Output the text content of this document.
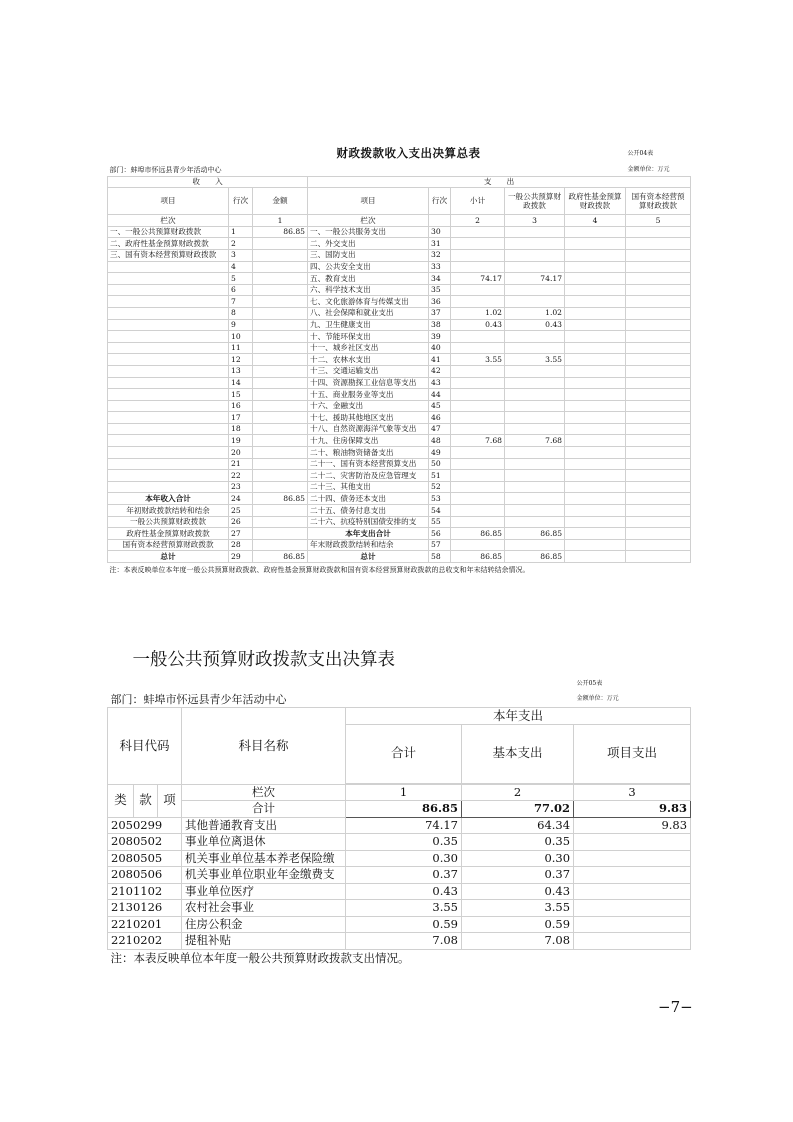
		财政拨款收入支出决算总表						公开04表
部门：蚌埠市怀远县青少年活动中心								金额单位：万元
收　　入			支　　出					
项目	行次	金额	项目	行次	小计	一般公共预算财政拨款	政府性基金预算财政拨款	国有资本经营预算财政拨款
栏次		1	栏次		2	3	4	5
一、一般公共预算财政拨款	1	86.85	一、一般公共服务支出	30				
二、政府性基金预算财政拨款	2		二、外交支出	31				
三、国有资本经营预算财政拨款	3		三、国防支出	32				
	4		四、公共安全支出	33				
	5		五、教育支出	34	74.17	74.17		
	6		六、科学技术支出	35				
	7		七、文化旅游体育与传媒支出	36				
	8		八、社会保障和就业支出	37	1.02	1.02		
	9		九、卫生健康支出	38	0.43	0.43		
	10		十、节能环保支出	39				
	11		十一、城乡社区支出	40				
	12		十二、农林水支出	41	3.55	3.55		
	13		十三、交通运输支出	42				
	14		十四、资源勘探工业信息等支出	43				
	15		十五、商业服务业等支出	44				
	16		十六、金融支出	45				
	17		十七、援助其他地区支出	46				
	18		十八、自然资源海洋气象等支出	47				
	19		十九、住房保障支出	48	7.68	7.68		
	20		二十、粮油物资储备支出	49				
	21		二十一、国有资本经营预算支出	50				
	22		二十二、灾害防治及应急管理支	51				
	23		二十三、其他支出	52				
本年收入合计	24	86.85	二十四、债务还本支出	53				
年初财政拨款结转和结余	25		二十五、债务付息支出	54				
一般公共预算财政拨款	26		二十六、抗疫特别国债安排的支	55				
政府性基金预算财政拨款	27		本年支出合计	56	86.85	86.85		
国有资本经营预算财政拨款	28		年末财政拨款结转和结余	57				
总计	29	86.85	总计	58	86.85	86.85		
注：本表反映单位本年度一般公共预算财政拨款、政府性基金预算财政拨款和国有资本经营预算财政拨款的总收支和年末结转结余情况。								
一般公共预算财政拨款支出决算表						
						公开05表
部门：蚌埠市怀远县青少年活动中心						金额单位：万元
科目代码			科目名称	本年支出		
				合计	基本支出	项目支出

类	款	项	栏次	1	2	3
			合计	86.85	77.02	9.83
2050299			其他普通教育支出	74.17	64.34	9.83
2080502			事业单位离退休	0.35	0.35	
2080505			机关事业单位基本养老保险缴	0.30	0.30	
2080506			机关事业单位职业年金缴费支	0.37	0.37	
2101102			事业单位医疗	0.43	0.43	
2130126			农村社会事业	3.55	3.55	
2210201			住房公积金	0.59	0.59	
2210202			提租补贴	7.08	7.08	
注：本表反映单位本年度一般公共预算财政拨款支出情况。						
−7−
